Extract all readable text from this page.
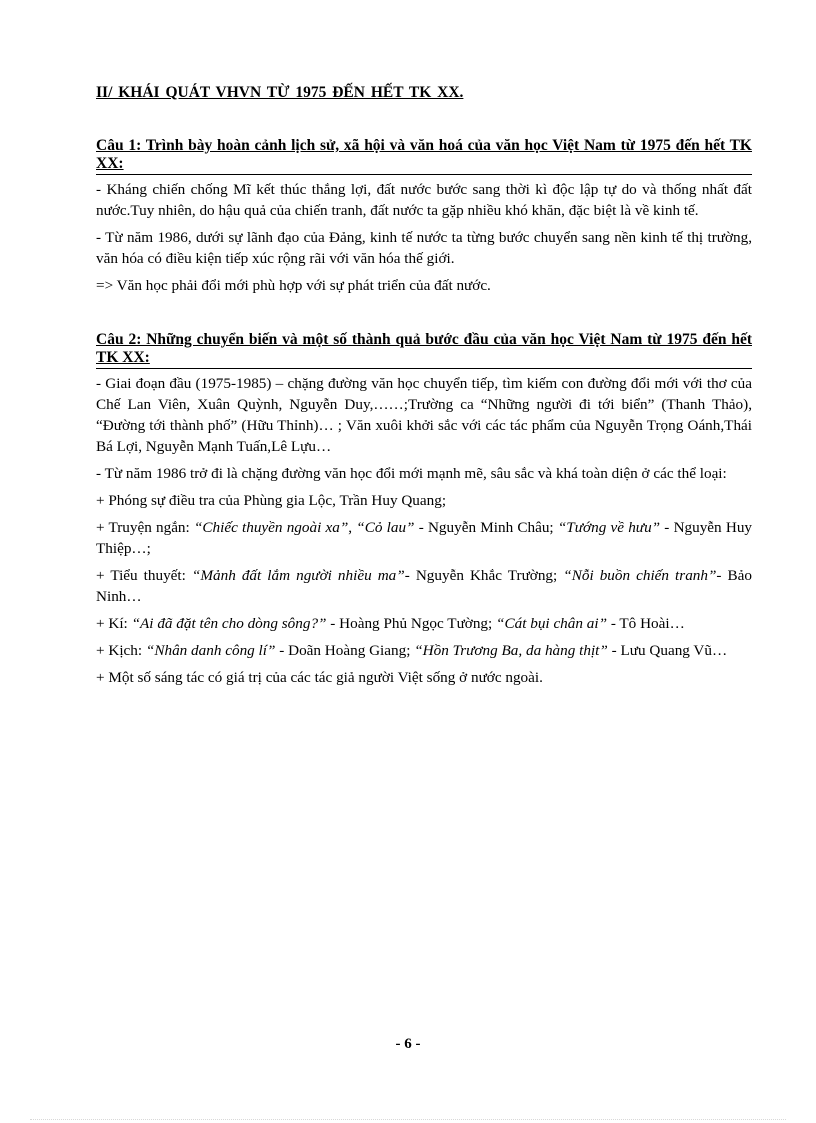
II/ KHÁI QUÁT VHVN TỪ 1975 ĐẾN HẾT TK XX.

Câu 1: Trình bày hoàn cảnh lịch sử, xã hội và văn hoá của văn học Việt Nam từ 1975 đến hết TK XX:

- Kháng chiến chống Mĩ kết thúc thắng lợi, đất nước bước sang thời kì độc lập tự do và thống nhất đất nước.Tuy nhiên, do hậu quả của chiến tranh, đất nước ta gặp nhiều khó khăn, đặc biệt là về kinh tế.

- Từ năm 1986, dưới sự lãnh đạo của Đảng, kinh tế nước ta từng bước chuyển sang nền kinh tế thị trường, văn hóa có điều kiện tiếp xúc rộng rãi với văn hóa thế giới.

=> Văn học phải đổi mới phù hợp với sự phát triển của đất nước.

Câu 2: Những chuyển biến và một số thành quả bước đầu của văn học Việt Nam từ 1975 đến hết TK XX:

- Giai đoạn đầu (1975-1985) – chặng đường văn học chuyển tiếp, tìm kiếm con đường đổi mới với thơ của Chế Lan Viên, Xuân Quỳnh, Nguyễn Duy,……;Trường ca “Những người đi tới biển” (Thanh Thảo), “Đường tới thành phố” (Hữu Thỉnh)… ; Văn xuôi khởi sắc với các tác phẩm của Nguyễn Trọng Oánh,Thái Bá Lợi, Nguyễn Mạnh Tuấn,Lê Lựu…

- Từ năm 1986 trở đi là chặng đường văn học đổi mới mạnh mẽ, sâu sắc và khá toàn diện ở các thể loại:

+ Phóng sự điều tra của Phùng gia Lộc, Trần Huy Quang;

+ Truyện ngắn: “Chiếc thuyền ngoài xa”, “Cỏ lau” - Nguyễn Minh Châu; “Tướng về hưu” - Nguyễn Huy Thiệp…;

+ Tiểu thuyết: “Mảnh đất lắm người nhiều ma”- Nguyễn Khắc Trường; “Nỗi buồn chiến tranh”- Bảo Ninh…

+ Kí: “Ai đã đặt tên cho dòng sông?” - Hoàng Phủ Ngọc Tường; “Cát bụi chân ai” - Tô Hoài…

+ Kịch: “Nhân danh công lí” - Doãn Hoàng Giang; “Hồn Trương Ba, da hàng thịt” - Lưu Quang Vũ…

+ Một số sáng tác có giá trị của các tác giả người Việt sống ở nước ngoài.

- 6 -
